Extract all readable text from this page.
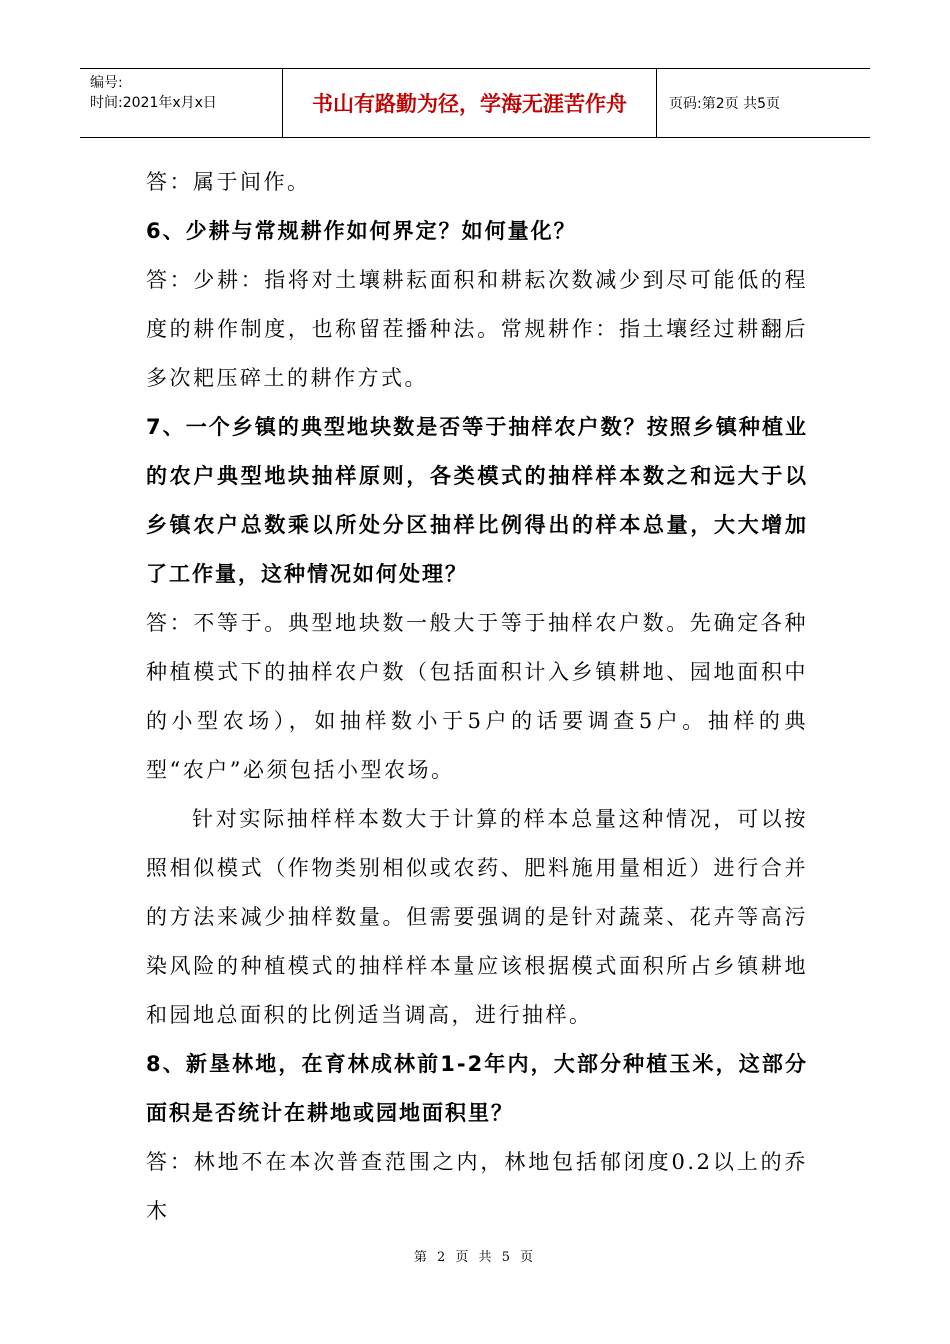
编号:
时间:2021年x月x日	书山有路勤为径，学海无涯苦作舟	页码:第2页 共5页

答：属于间作。

6、少耕与常规耕作如何界定？如何量化？

答：少耕：指将对土壤耕耘面积和耕耘次数减少到尽可能低的程度的耕作制度，也称留茬播种法。常规耕作：指土壤经过耕翻后多次耙压碎土的耕作方式。

7、一个乡镇的典型地块数是否等于抽样农户数？按照乡镇种植业的农户典型地块抽样原则，各类模式的抽样样本数之和远大于以乡镇农户总数乘以所处分区抽样比例得出的样本总量，大大增加了工作量，这种情况如何处理？

答：不等于。典型地块数一般大于等于抽样农户数。先确定各种种植模式下的抽样农户数（包括面积计入乡镇耕地、园地面积中的小型农场），如抽样数小于5户的话要调查5户。抽样的典型“农户”必须包括小型农场。

针对实际抽样样本数大于计算的样本总量这种情况，可以按照相似模式（作物类别相似或农药、肥料施用量相近）进行合并的方法来减少抽样数量。但需要强调的是针对蔬菜、花卉等高污染风险的种植模式的抽样样本量应该根据模式面积所占乡镇耕地和园地总面积的比例适当调高，进行抽样。

8、新垦林地，在育林成林前1-2年内，大部分种植玉米，这部分面积是否统计在耕地或园地面积里？

答：林地不在本次普查范围之内，林地包括郁闭度0.2以上的乔木

第 2 页 共 5 页
